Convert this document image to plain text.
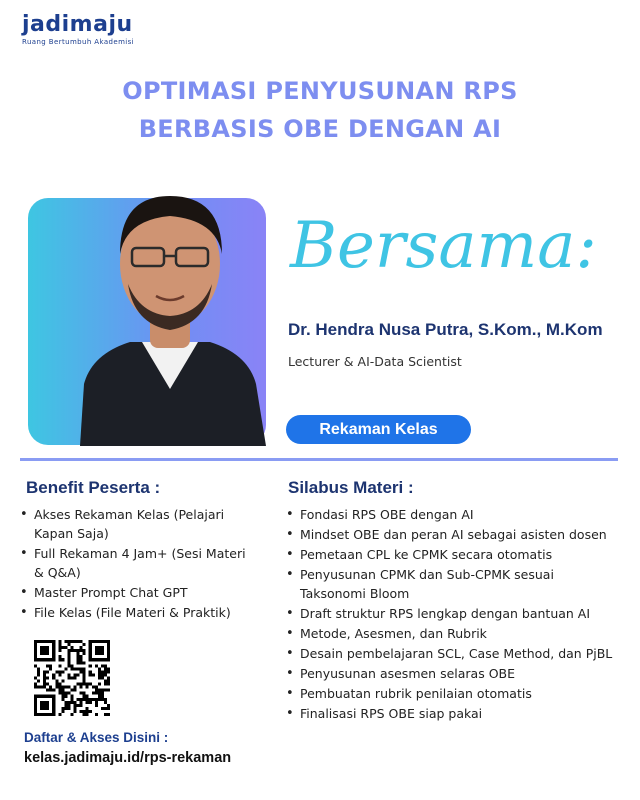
jadimaju
Ruang Bertumbuh Akademisi
OPTIMASI PENYUSUNAN RPS
BERBASIS OBE DENGAN AI
Bersama:
Dr. Hendra Nusa Putra, S.Kom., M.Kom
Lecturer & AI-Data Scientist
Rekaman Kelas
Benefit Peserta :
• Akses Rekaman Kelas (Pelajari Kapan Saja)
• Full Rekaman 4 Jam+ (Sesi Materi & Q&A)
• Master Prompt Chat GPT
• File Kelas (File Materi & Praktik)
Silabus Materi :
• Fondasi RPS OBE dengan AI
• Mindset OBE dan peran AI sebagai asisten dosen
• Pemetaan CPL ke CPMK secara otomatis
• Penyusunan CPMK dan Sub-CPMK sesuai Taksonomi Bloom
• Draft struktur RPS lengkap dengan bantuan AI
• Metode, Asesmen, dan Rubrik
• Desain pembelajaran SCL, Case Method, dan PjBL
• Penyusunan asesmen selaras OBE
• Pembuatan rubrik penilaian otomatis
• Finalisasi RPS OBE siap pakai
Daftar & Akses Disini :
kelas.jadimaju.id/rps-rekaman
